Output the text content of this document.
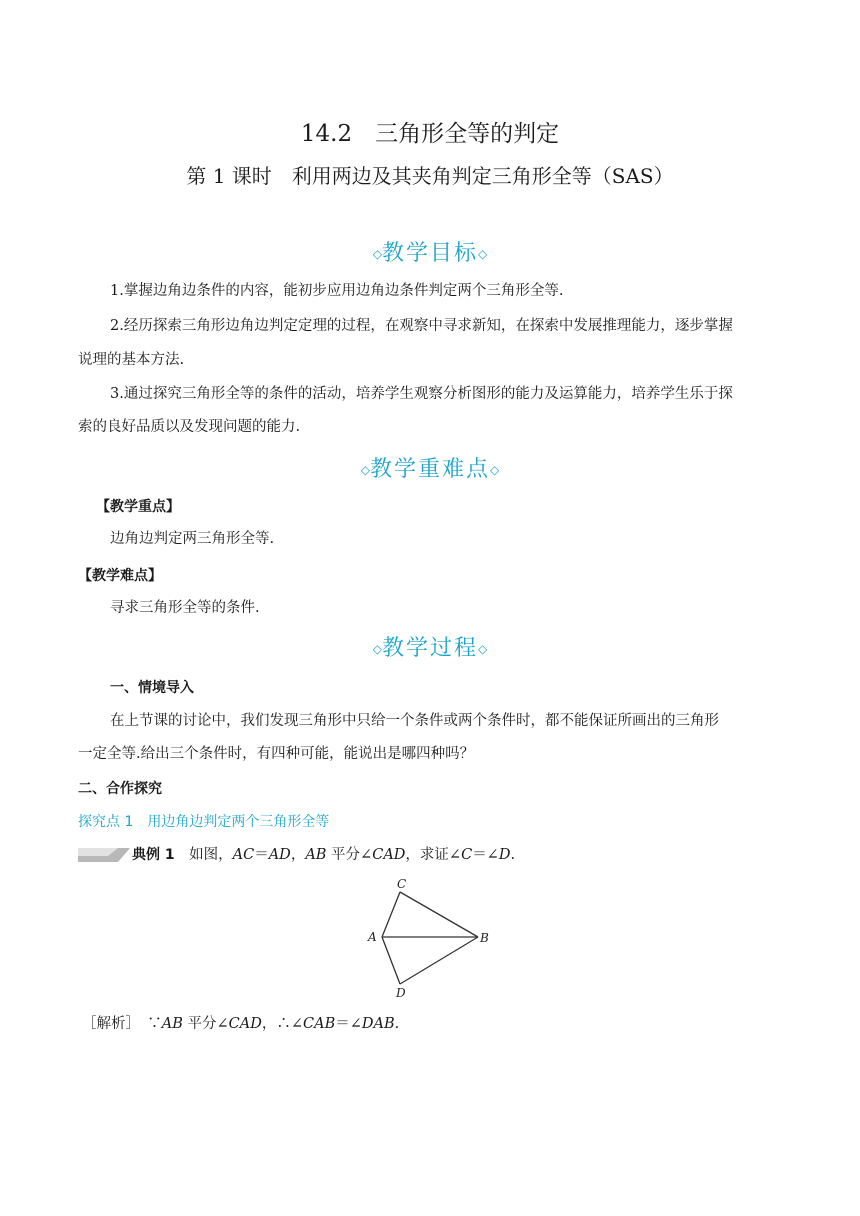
14.2　三角形全等的判定
第 1 课时　利用两边及其夹角判定三角形全等（SAS）
◇教学目标◇
1.掌握边角边条件的内容，能初步应用边角边条件判定两个三角形全等.
2.经历探索三角形边角边判定定理的过程，在观察中寻求新知，在探索中发展推理能力，逐步掌握
说理的基本方法.
3.通过探究三角形全等的条件的活动，培养学生观察分析图形的能力及运算能力，培养学生乐于探
索的良好品质以及发现问题的能力.
◇教学重难点◇
【教学重点】
边角边判定两三角形全等.
【教学难点】
寻求三角形全等的条件.
◇教学过程◇
一、情境导入
在上节课的讨论中，我们发现三角形中只给一个条件或两个条件时，都不能保证所画出的三角形
一定全等.给出三个条件时，有四种可能，能说出是哪四种吗？
二、合作探究
探究点 1　用边角边判定两个三角形全等
典例 1　如图，AC＝AD，AB 平分∠CAD，求证∠C＝∠D.
C
A	B
D
［解析］　∵AB 平分∠CAD，∴∠CAB＝∠DAB.
